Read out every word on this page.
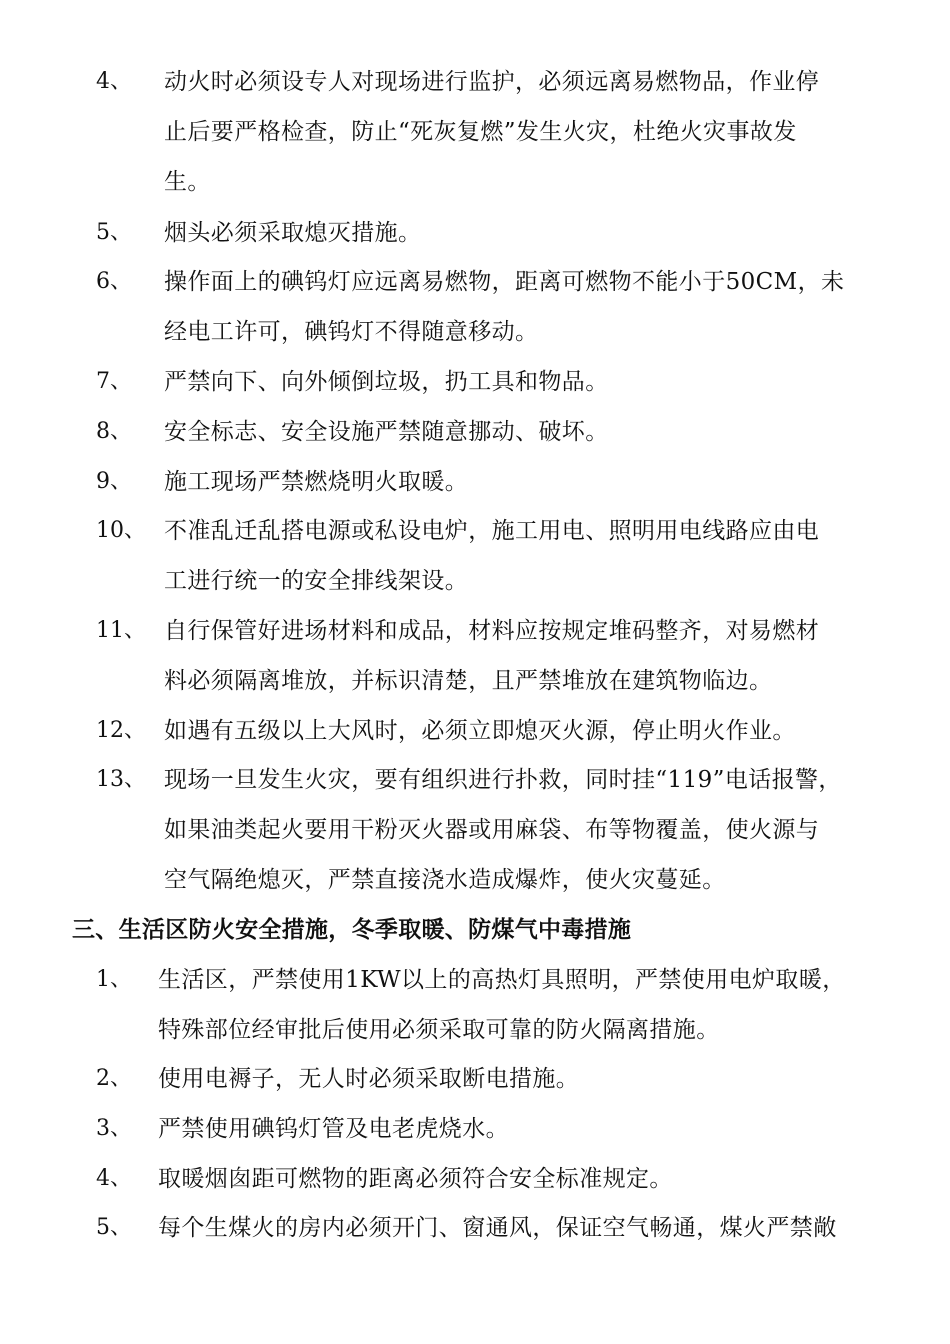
4、 动火时必须设专人对现场进行监护，必须远离易燃物品，作业停
止后要严格检查，防止“死灰复燃”发生火灾，杜绝火灾事故发
生。
5、 烟头必须采取熄灭措施。
6、 操作面上的碘钨灯应远离易燃物，距离可燃物不能小于50CM，未
经电工许可，碘钨灯不得随意移动。
7、 严禁向下、向外倾倒垃圾，扔工具和物品。
8、 安全标志、安全设施严禁随意挪动、破坏。
9、 施工现场严禁燃烧明火取暖。
10、 不准乱迁乱搭电源或私设电炉，施工用电、照明用电线路应由电
工进行统一的安全排线架设。
11、 自行保管好进场材料和成品，材料应按规定堆码整齐，对易燃材
料必须隔离堆放，并标识清楚，且严禁堆放在建筑物临边。
12、 如遇有五级以上大风时，必须立即熄灭火源，停止明火作业。
13、 现场一旦发生火灾，要有组织进行扑救，同时挂“119”电话报警，
如果油类起火要用干粉灭火器或用麻袋、布等物覆盖，使火源与
空气隔绝熄灭，严禁直接浇水造成爆炸，使火灾蔓延。
三、生活区防火安全措施，冬季取暖、防煤气中毒措施
1、 生活区，严禁使用1KW以上的高热灯具照明，严禁使用电炉取暖，
特殊部位经审批后使用必须采取可靠的防火隔离措施。
2、 使用电褥子，无人时必须采取断电措施。
3、 严禁使用碘钨灯管及电老虎烧水。
4、 取暖烟囱距可燃物的距离必须符合安全标准规定。
5、 每个生煤火的房内必须开门、窗通风，保证空气畅通，煤火严禁敞
